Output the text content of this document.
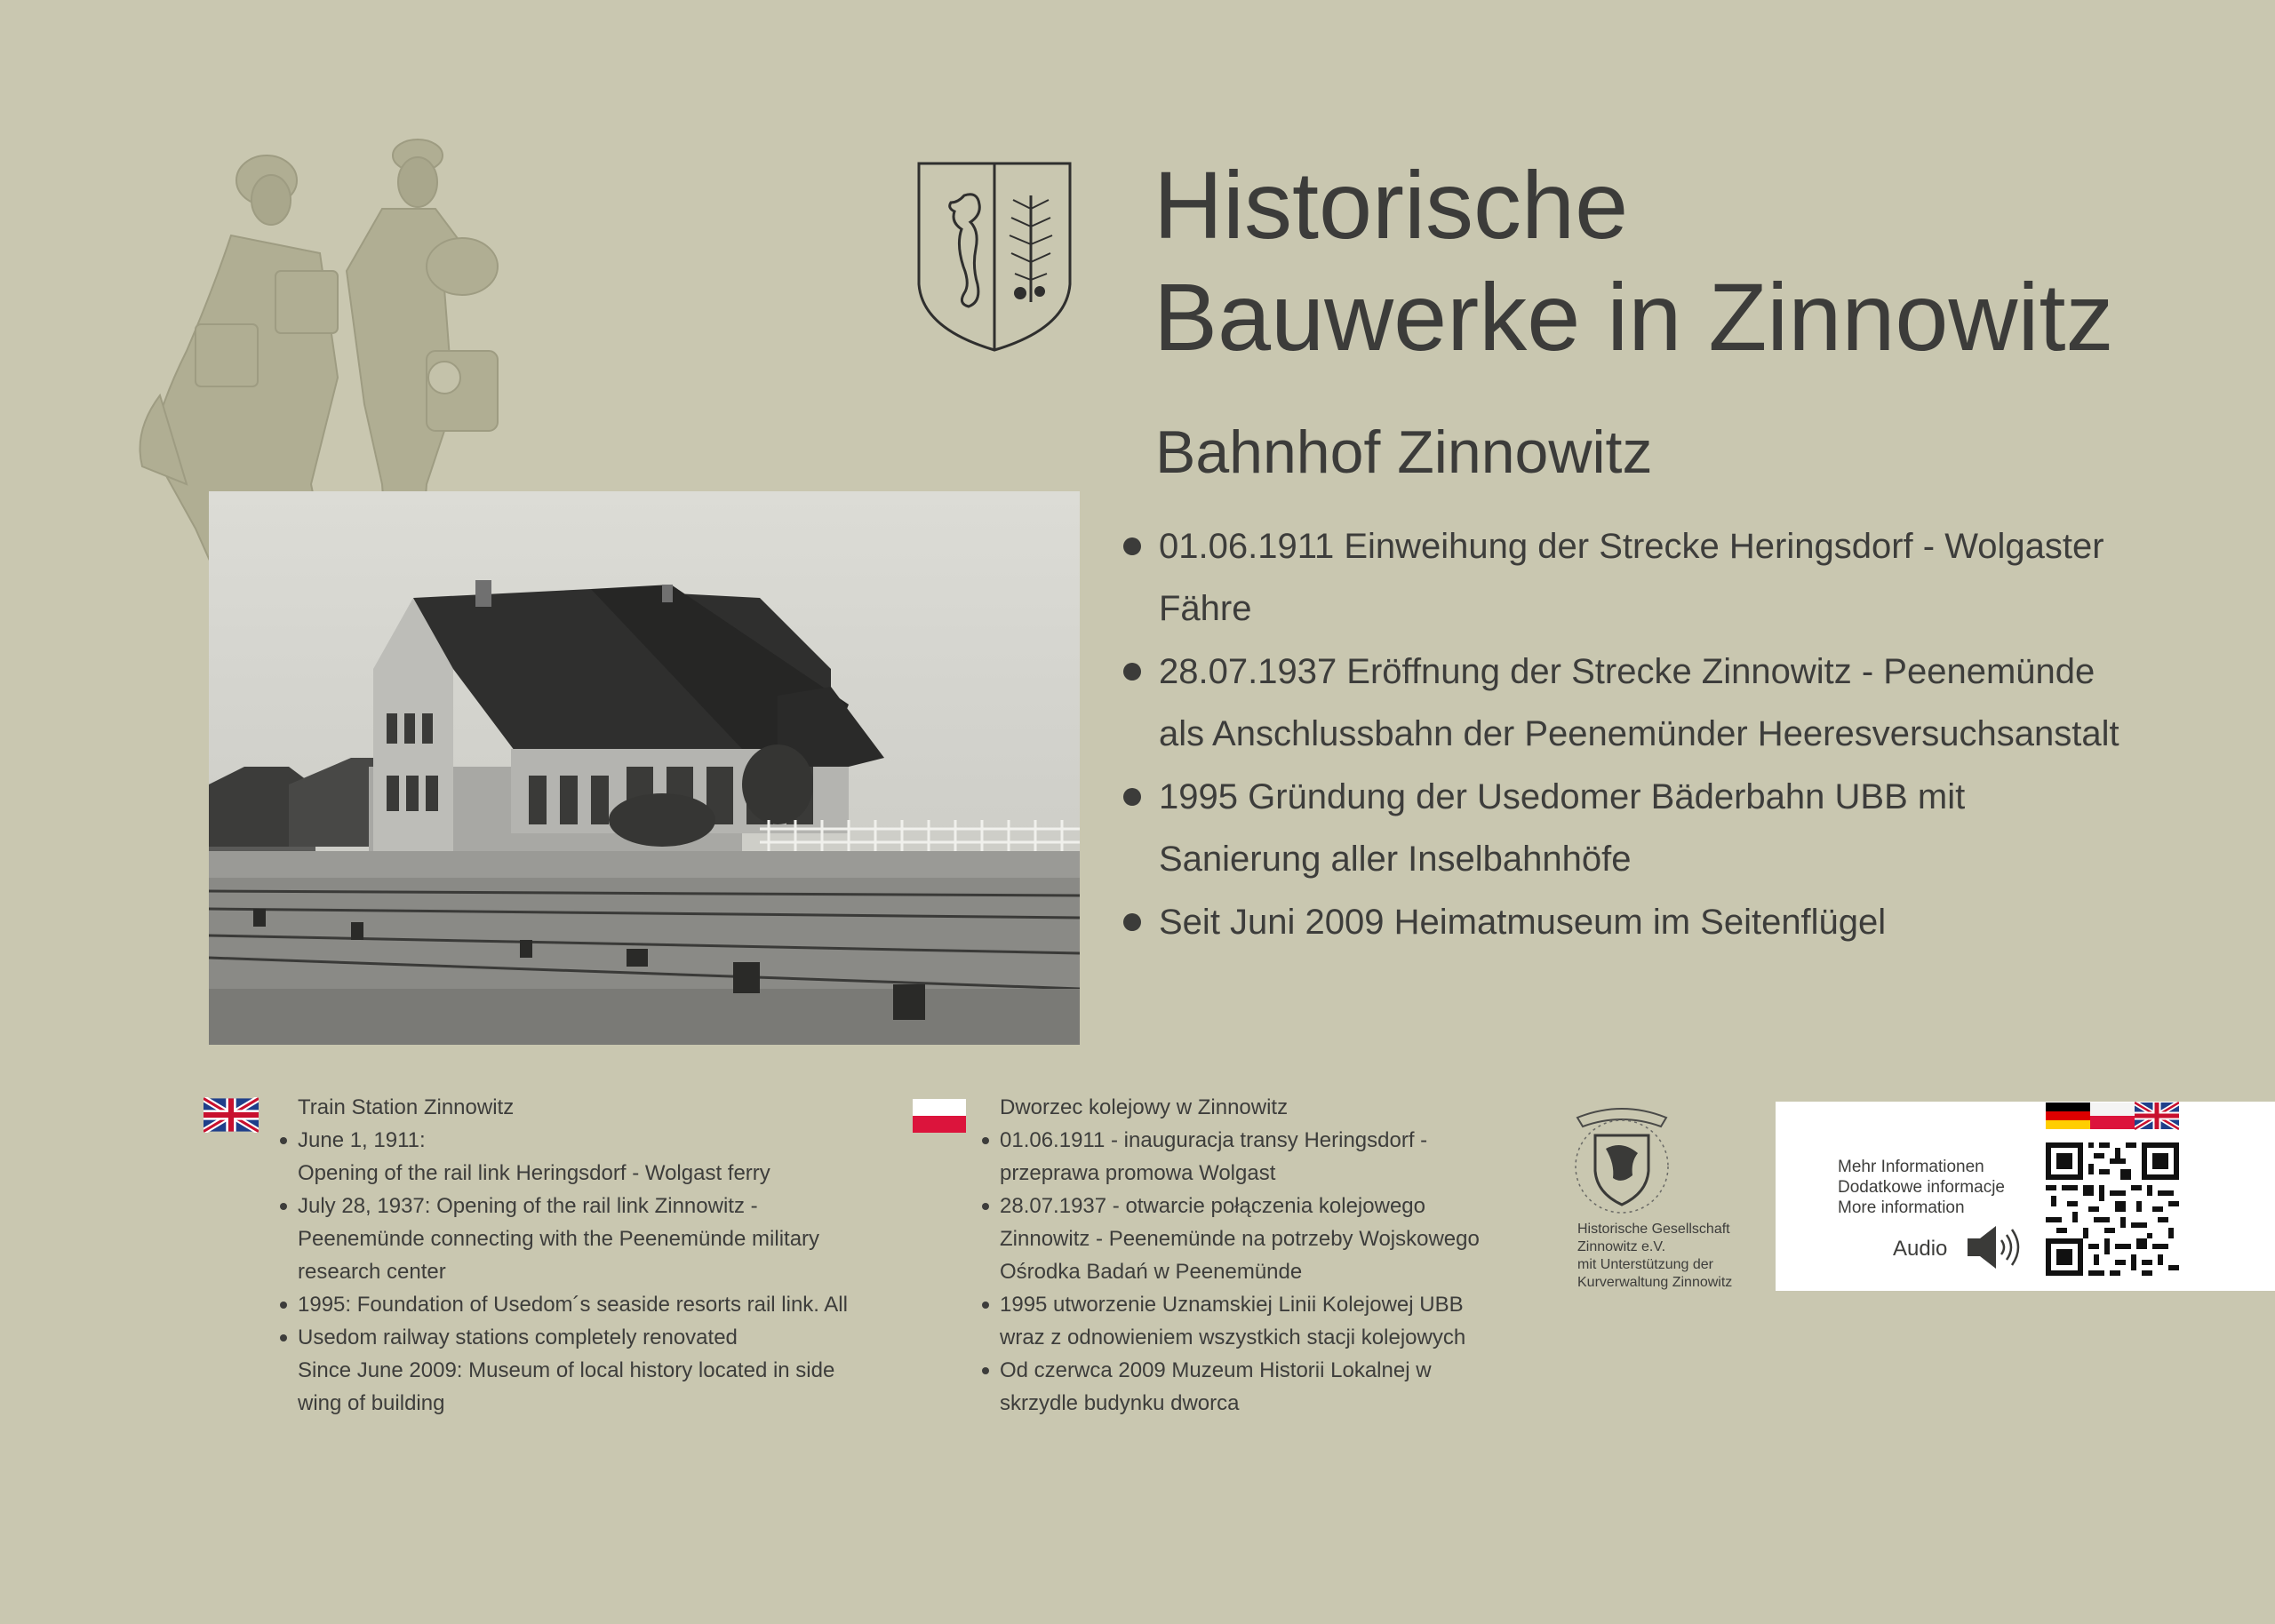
Historische
Bauwerke in Zinnowitz
Bahnhof Zinnowitz
01.06.1911 Einweihung der Strecke Heringsdorf - Wolgaster
Fähre
28.07.1937 Eröffnung der Strecke Zinnowitz - Peenemünde
als Anschlussbahn der Peenemünder Heeresversuchsanstalt
1995 Gründung der Usedomer Bäderbahn UBB mit
Sanierung aller Inselbahnhöfe
Seit Juni 2009 Heimatmuseum im Seitenflügel
Train Station Zinnowitz
June 1, 1911:
Opening of the rail link Heringsdorf - Wolgast ferry
July 28, 1937: Opening of the rail link Zinnowitz -
Peenemünde connecting with the Peenemünde military
research center
1995: Foundation of Usedom´s seaside resorts rail link. All
Usedom railway stations completely renovated
Since June 2009: Museum of local history located in side
wing of building
Dworzec kolejowy w Zinnowitz
01.06.1911 - inauguracja transy Heringsdorf -
przeprawa promowa Wolgast
28.07.1937 - otwarcie połączenia kolejowego
Zinnowitz - Peenemünde na potrzeby Wojskowego
Ośrodka Badań w Peenemünde
1995 utworzenie Uznamskiej Linii Kolejowej UBB
wraz z odnowieniem wszystkich stacji kolejowych
Od czerwca 2009 Muzeum Historii Lokalnej w
skrzydle budynku dworca
Historische Gesellschaft
Zinnowitz e.V.
mit Unterstützung der
Kurverwaltung Zinnowitz
Mehr Informationen
Dodatkowe informacje
More information
Audio
